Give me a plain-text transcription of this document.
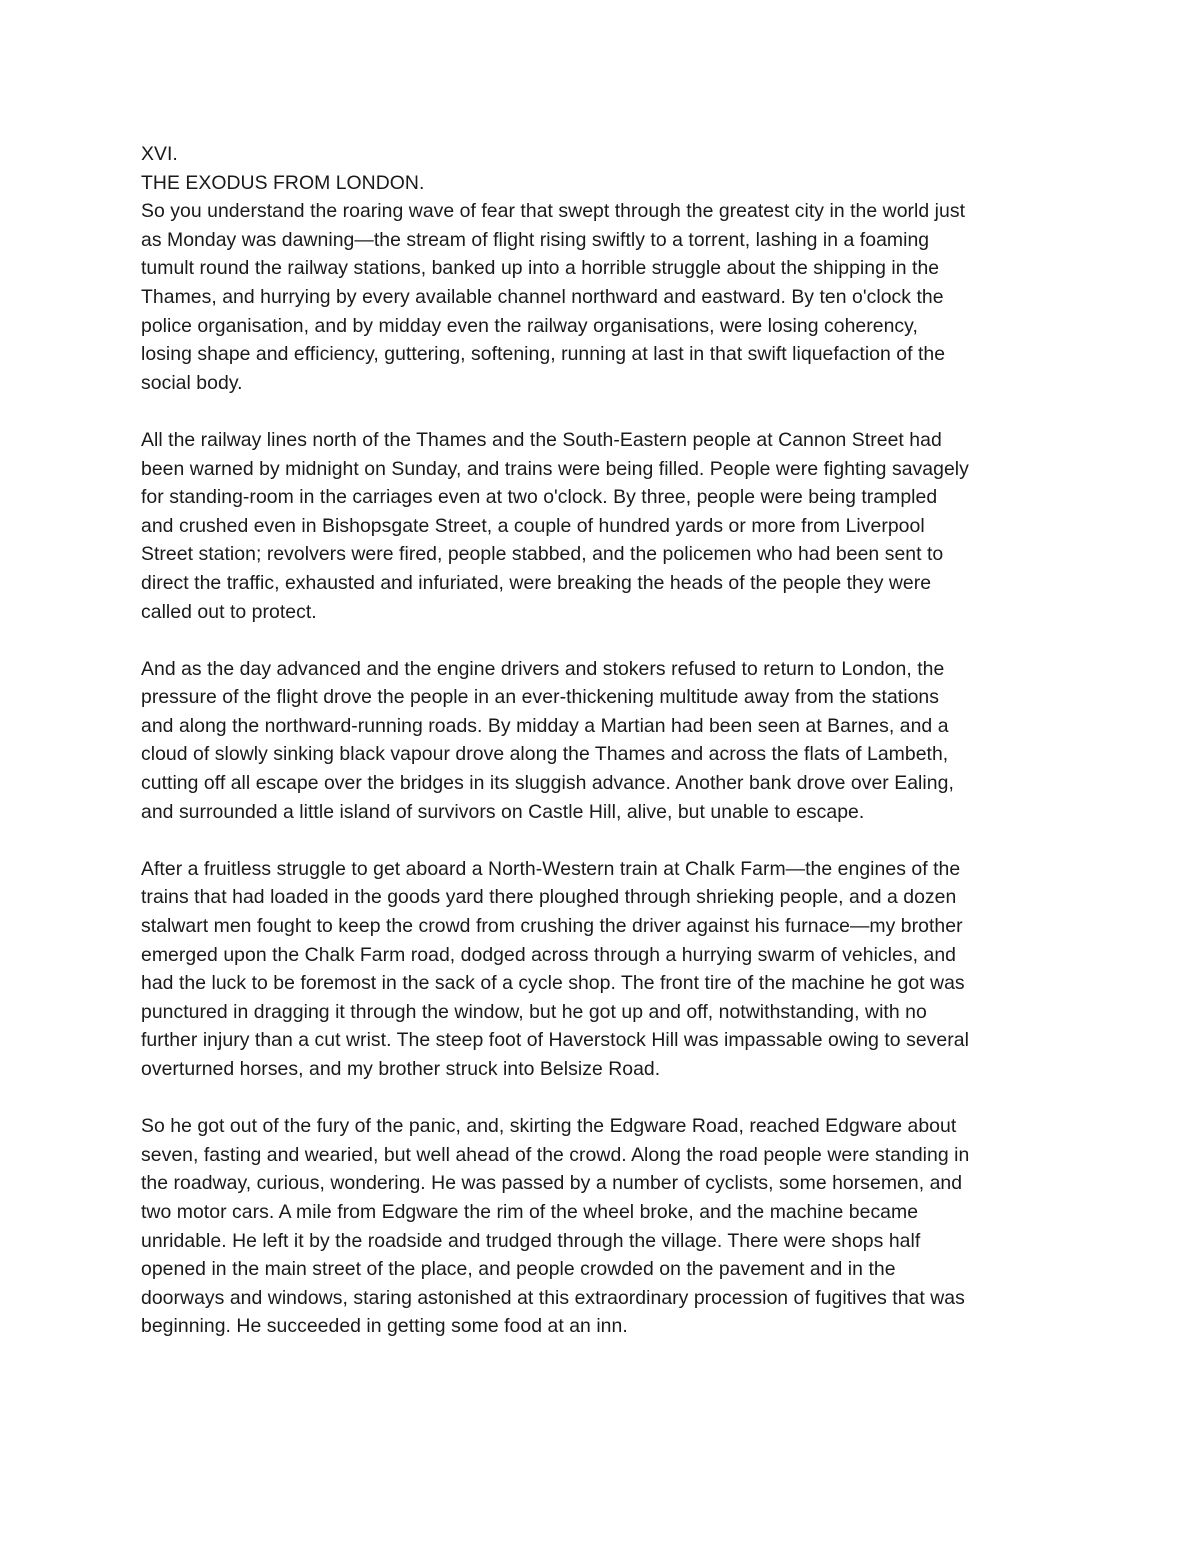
XVI.

THE EXODUS FROM LONDON.

So you understand the roaring wave of fear that swept through the greatest city in the world just

as Monday was dawning—the stream of flight rising swiftly to a torrent, lashing in a foaming

tumult round the railway stations, banked up into a horrible struggle about the shipping in the

Thames, and hurrying by every available channel northward and eastward. By ten o'clock the

police organisation, and by midday even the railway organisations, were losing coherency,

losing shape and efficiency, guttering, softening, running at last in that swift liquefaction of the

social body.

All the railway lines north of the Thames and the South-Eastern people at Cannon Street had

been warned by midnight on Sunday, and trains were being filled. People were fighting savagely

for standing-room in the carriages even at two o'clock. By three, people were being trampled

and crushed even in Bishopsgate Street, a couple of hundred yards or more from Liverpool

Street station; revolvers were fired, people stabbed, and the policemen who had been sent to

direct the traffic, exhausted and infuriated, were breaking the heads of the people they were

called out to protect.

And as the day advanced and the engine drivers and stokers refused to return to London, the

pressure of the flight drove the people in an ever-thickening multitude away from the stations

and along the northward-running roads. By midday a Martian had been seen at Barnes, and a

cloud of slowly sinking black vapour drove along the Thames and across the flats of Lambeth,

cutting off all escape over the bridges in its sluggish advance. Another bank drove over Ealing,

and surrounded a little island of survivors on Castle Hill, alive, but unable to escape.

After a fruitless struggle to get aboard a North-Western train at Chalk Farm—the engines of the

trains that had loaded in the goods yard there ploughed through shrieking people, and a dozen

stalwart men fought to keep the crowd from crushing the driver against his furnace—my brother

emerged upon the Chalk Farm road, dodged across through a hurrying swarm of vehicles, and

had the luck to be foremost in the sack of a cycle shop. The front tire of the machine he got was

punctured in dragging it through the window, but he got up and off, notwithstanding, with no

further injury than a cut wrist. The steep foot of Haverstock Hill was impassable owing to several

overturned horses, and my brother struck into Belsize Road.

So he got out of the fury of the panic, and, skirting the Edgware Road, reached Edgware about

seven, fasting and wearied, but well ahead of the crowd. Along the road people were standing in

the roadway, curious, wondering. He was passed by a number of cyclists, some horsemen, and

two motor cars. A mile from Edgware the rim of the wheel broke, and the machine became

unridable. He left it by the roadside and trudged through the village. There were shops half

opened in the main street of the place, and people crowded on the pavement and in the

doorways and windows, staring astonished at this extraordinary procession of fugitives that was

beginning. He succeeded in getting some food at an inn.
